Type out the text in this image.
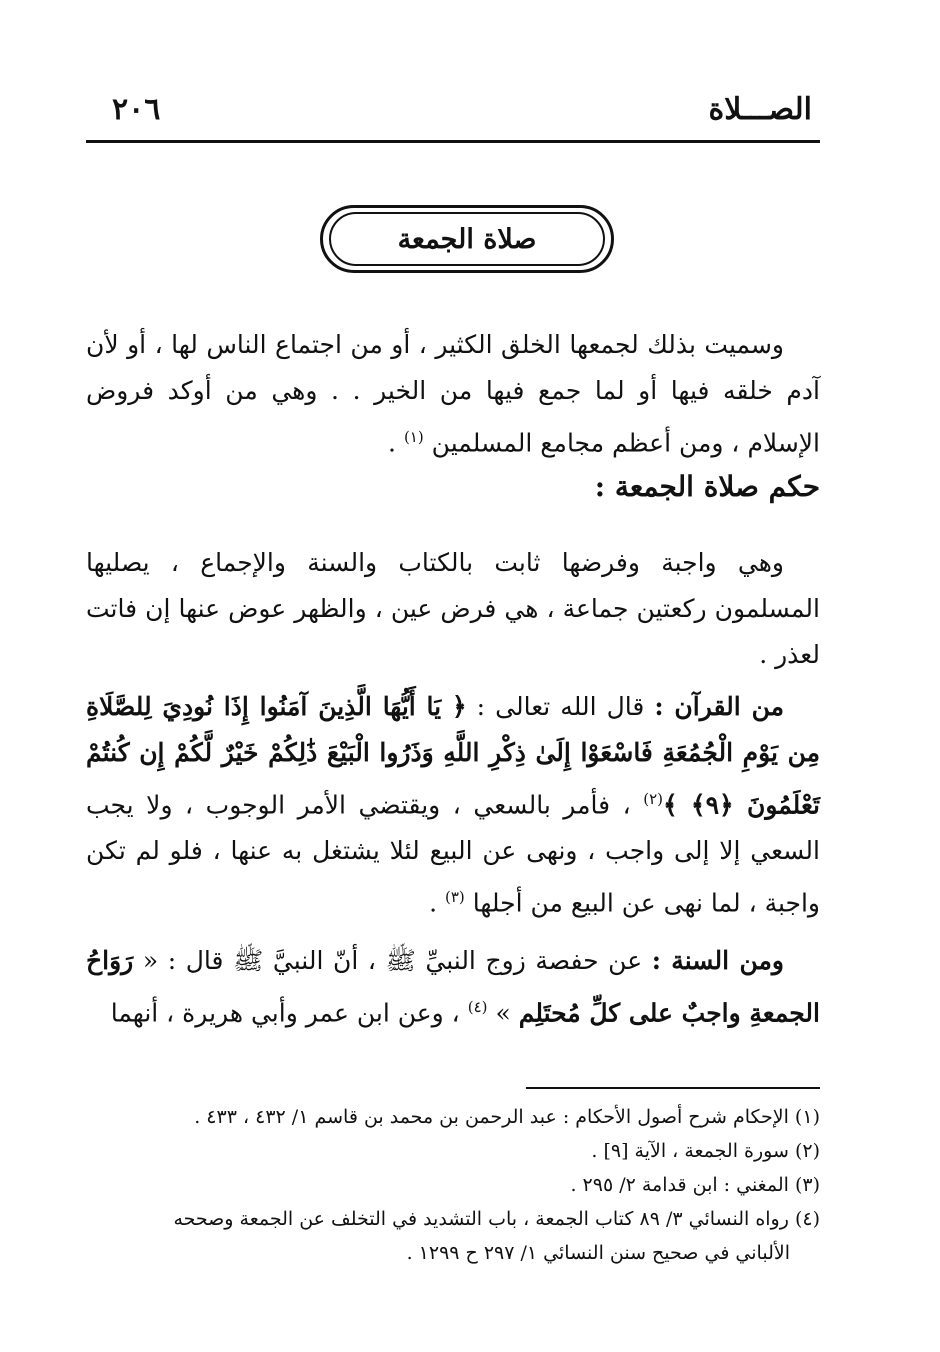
٢٠٦	الصـــلاة
صلاة الجمعة

وسميت بذلك لجمعها الخلق الكثير ، أو من اجتماع الناس لها ، أو لأن آدم خلقه فيها أو لما جمع فيها من الخير . . وهي من أوكد فروض الإسلام ، ومن أعظم مجامع المسلمين $^{(١)}$ .

حكم صلاة الجمعة :

وهي واجبة وفرضها ثابت بالكتاب والسنة والإجماع ، يصليها المسلمون ركعتين جماعة ، هي فرض عين ، والظهر عوض عنها إن فاتت لعذر .

من القرآن : قال الله تعالى : ﴿ يَا أَيُّهَا الَّذِينَ آمَنُوا إِذَا نُودِيَ لِلصَّلَاةِ مِن يَوْمِ الْجُمُعَةِ فَاسْعَوْا إِلَىٰ ذِكْرِ اللَّهِ وَذَرُوا الْبَيْعَ ذَٰلِكُمْ خَيْرٌ لَّكُمْ إِن كُنتُمْ تَعْلَمُونَ ﴿٩﴾ ﴾$^{(٢)}$ ، فأمر بالسعي ، ويقتضي الأمر الوجوب ، ولا يجب السعي إلا إلى واجب ، ونهى عن البيع لئلا يشتغل به عنها ، فلو لم تكن واجبة ، لما نهى عن البيع من أجلها $^{(٣)}$ .

ومن السنة : عن حفصة زوج النبيِّ ﷺ ، أنّ النبيَّ ﷺ قال : « رَوَاحُ الجمعةِ واجبٌ على كلِّ مُحتَلِم » $^{(٤)}$ ، وعن ابن عمر وأبي هريرة ، أنهما

(١) الإحكام شرح أصول الأحكام : عبد الرحمن بن محمد بن قاسم ١/ ٤٣٢ ، ٤٣٣ .

(٢) سورة الجمعة ، الآية [٩] .

(٣) المغني : ابن قدامة ٢/ ٢٩٥ .

(٤) رواه النسائي ٣/ ٨٩ كتاب الجمعة ، باب التشديد في التخلف عن الجمعة وصححه

الألباني في صحيح سنن النسائي ١/ ٢٩٧ ح ١٢٩٩ .
